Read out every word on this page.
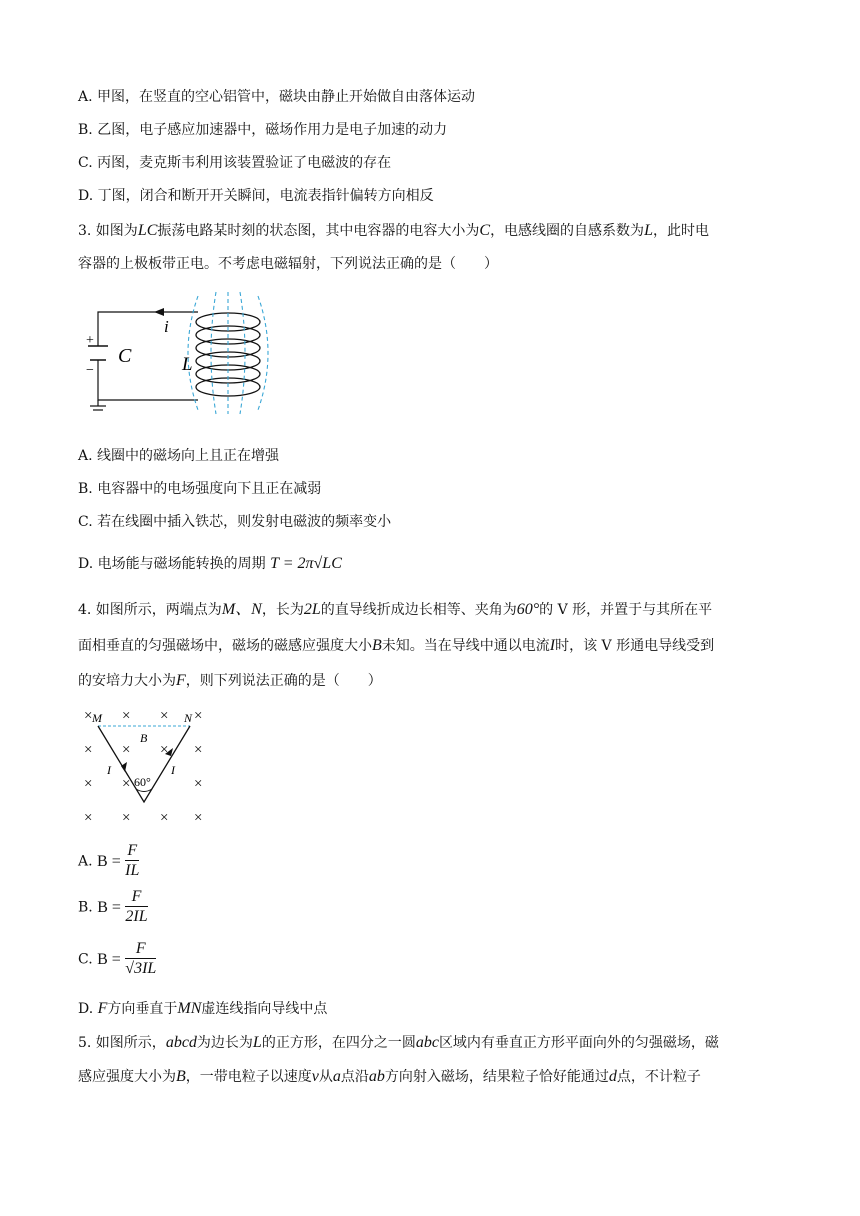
A. 甲图，在竖直的空心铝管中，磁块由静止开始做自由落体运动
B. 乙图，电子感应加速器中，磁场作用力是电子加速的动力
C. 丙图，麦克斯韦利用该装置验证了电磁波的存在
D. 丁图，闭合和断开开关瞬间，电流表指针偏转方向相反
3. 如图为LC振荡电路某时刻的状态图，其中电容器的电容大小为C，电感线圈的自感系数为L，此时电
容器的上极板带正电。不考虑电磁辐射，下列说法正确的是（　　）
+
−
C	L
i
A. 线圈中的磁场向上且正在增强
B. 电容器中的电场强度向下且正在减弱
C. 若在线圈中插入铁芯，则发射电磁波的频率变小
D. 电场能与磁场能转换的周期 T = 2π√LC
4. 如图所示，两端点为M、N，长为2L的直导线折成边长相等、夹角为60°的 V 形，并置于与其所在平
面相垂直的匀强磁场中，磁场的磁感应强度大小B未知。当在导线中通以电流I时，该 V 形通电导线受到
的安培力大小为F，则下列说法正确的是（　　）
× × × ×
× × × ×
× ×	×
× × × ×
M	N
B
I	I
60°
A. $B = \frac{F}{IL}$
B. $B = \frac{F}{2IL}$
C. $B = \frac{F}{√3IL}$
D. F方向垂直于MN虚连线指向导线中点
5. 如图所示，abcd为边长为L的正方形，在四分之一圆abc区域内有垂直正方形平面向外的匀强磁场，磁
感应强度大小为B，一带电粒子以速度v从a点沿ab方向射入磁场，结果粒子恰好能通过d点，不计粒子
